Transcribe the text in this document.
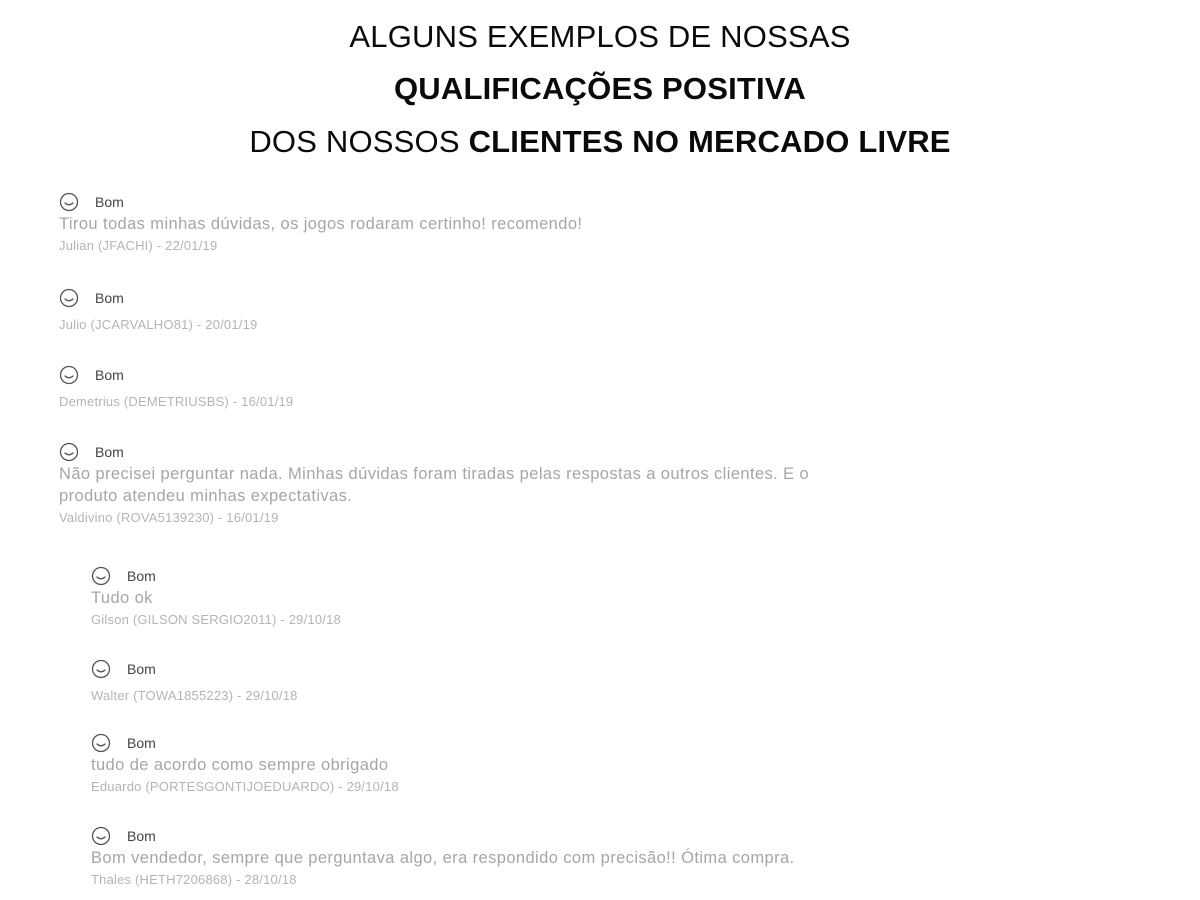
ALGUNS EXEMPLOS DE NOSSAS
QUALIFICAÇÕES POSITIVA
DOS NOSSOS CLIENTES NO MERCADO LIVRE
Bom
Tirou todas minhas dúvidas, os jogos rodaram certinho! recomendo!
Julian (JFACHI) - 22/01/19
Bom
Julio (JCARVALHO81) - 20/01/19
Bom
Demetrius (DEMETRIUSBS) - 16/01/19
Bom
Não precisei perguntar nada. Minhas dúvidas foram tiradas pelas respostas a outros clientes. E o
produto atendeu minhas expectativas.
Valdivino (ROVA5139230) - 16/01/19
Bom
Tudo ok
Gilson (GILSON SERGIO2011) - 29/10/18
Bom
Walter (TOWA1855223) - 29/10/18
Bom
tudo de acordo como sempre obrigado
Eduardo (PORTESGONTIJOEDUARDO) - 29/10/18
Bom
Bom vendedor, sempre que perguntava algo, era respondido com precisão!! Ótima compra.
Thales (HETH7206868) - 28/10/18
